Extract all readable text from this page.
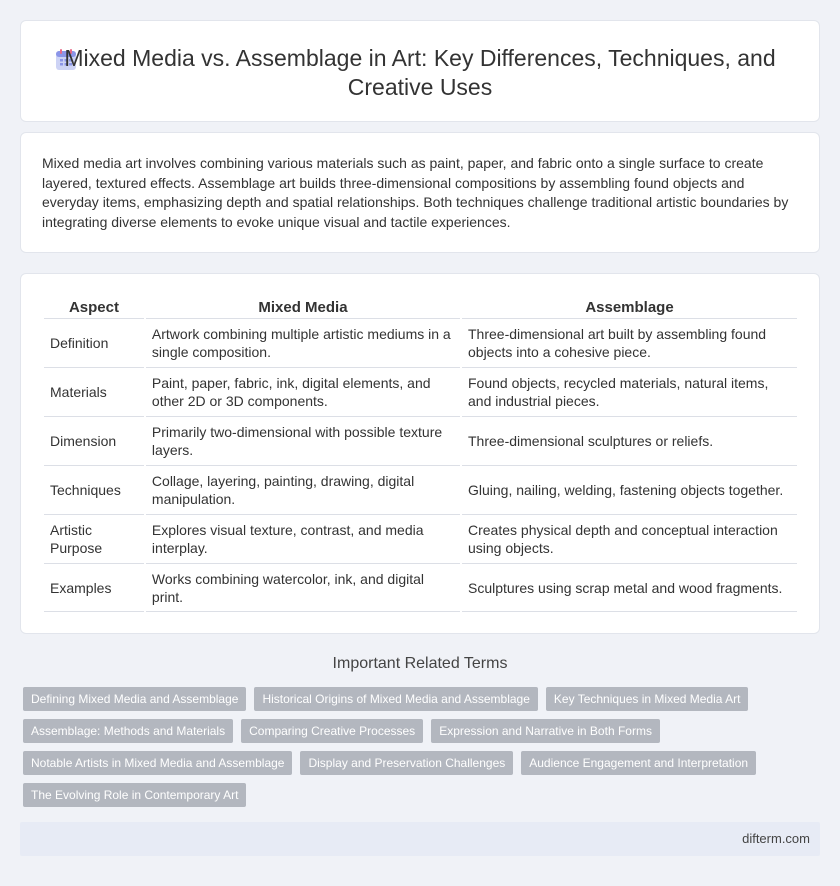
Mixed Media vs. Assemblage in Art: Key Differences, Techniques, and Creative Uses

Mixed media art involves combining various materials such as paint, paper, and fabric onto a single surface to create layered, textured effects. Assemblage art builds three-dimensional compositions by assembling found objects and everyday items, emphasizing depth and spatial relationships. Both techniques challenge traditional artistic boundaries by integrating diverse elements to evoke unique visual and tactile experiences.

Aspect	Mixed Media	Assemblage
Definition	Artwork combining multiple artistic mediums in a single composition.	Three-dimensional art built by assembling found objects into a cohesive piece.
Materials	Paint, paper, fabric, ink, digital elements, and other 2D or 3D components.	Found objects, recycled materials, natural items, and industrial pieces.
Dimension	Primarily two-dimensional with possible texture layers.	Three-dimensional sculptures or reliefs.
Techniques	Collage, layering, painting, drawing, digital manipulation.	Gluing, nailing, welding, fastening objects together.
Artistic Purpose	Explores visual texture, contrast, and media interplay.	Creates physical depth and conceptual interaction using objects.
Examples	Works combining watercolor, ink, and digital print.	Sculptures using scrap metal and wood fragments.
Important Related Terms
Defining Mixed Media and Assemblage	Historical Origins of Mixed Media and Assemblage	Key Techniques in Mixed Media Art
Assemblage: Methods and Materials	Comparing Creative Processes	Expression and Narrative in Both Forms
Notable Artists in Mixed Media and Assemblage	Display and Preservation Challenges	Audience Engagement and Interpretation
The Evolving Role in Contemporary Art
difterm.com
